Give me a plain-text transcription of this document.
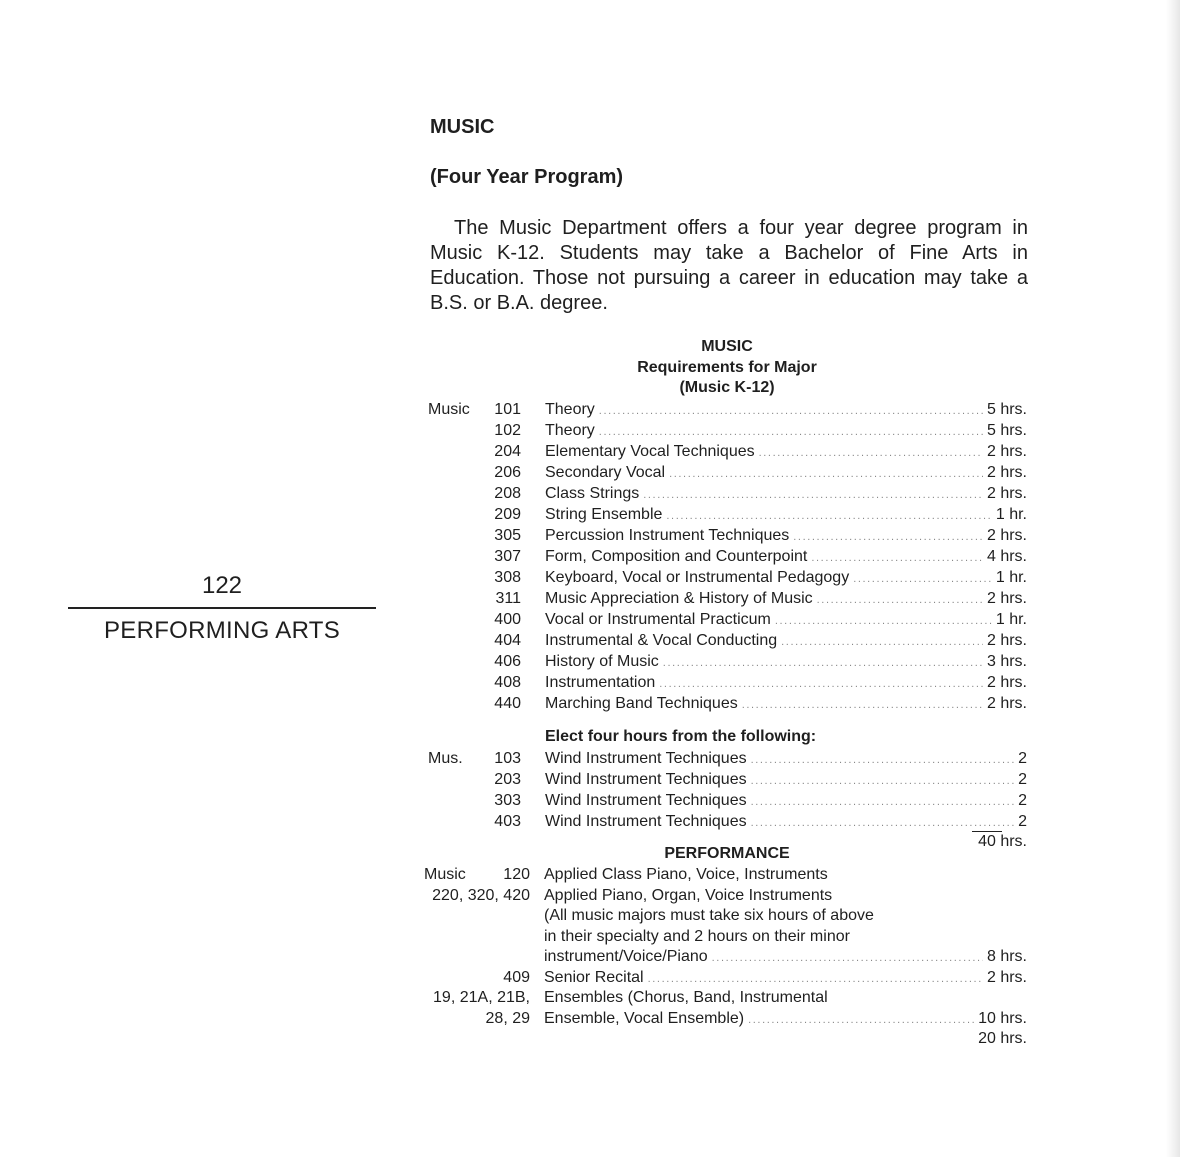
122
PERFORMING ARTS
MUSIC
(Four Year Program)

The Music Department offers a four year degree program in Music K-12. Students may take a Bachelor of Fine Arts in Education. Those not pursuing a career in education may take a B.S. or B.A. degree.

MUSIC
Requirements for Major
(Music K-12)
Music	101 Theory .....	5 hrs.
102 Theory .....	5 hrs.
204 Elementary Vocal Techniques .....	2 hrs.
206 Secondary Vocal .....	2 hrs.
208 Class Strings .....	2 hrs.
209 String Ensemble .....	1 hr.
305 Percussion Instrument Techniques .....	2 hrs.
307 Form, Composition and Counterpoint .....	4 hrs.
308 Keyboard, Vocal or Instrumental Pedagogy .....	1 hr.
311 Music Appreciation & History of Music .....	2 hrs.
400 Vocal or Instrumental Practicum .....	1 hr.
404 Instrumental & Vocal Conducting .....	2 hrs.
406 History of Music .....	3 hrs.
408 Instrumentation .....	2 hrs.
440 Marching Band Techniques .....	2 hrs.
Elect four hours from the following:
Mus.	103 Wind Instrument Techniques .....	2
203 Wind Instrument Techniques .....	2
303 Wind Instrument Techniques .....	2
403 Wind Instrument Techniques .....	2
40 hrs.
PERFORMANCE
Music 120 Applied Class Piano, Voice, Instruments
220, 320, 420 Applied Piano, Organ, Voice Instruments
(All music majors must take six hours of above
in their specialty and 2 hours on their minor
instrument/Voice/Piano .....	8 hrs.
409 Senior Recital .....	2 hrs.
19, 21A, 21B, Ensembles (Chorus, Band, Instrumental
28, 29 Ensemble, Vocal Ensemble) .....	10 hrs.
20 hrs.
